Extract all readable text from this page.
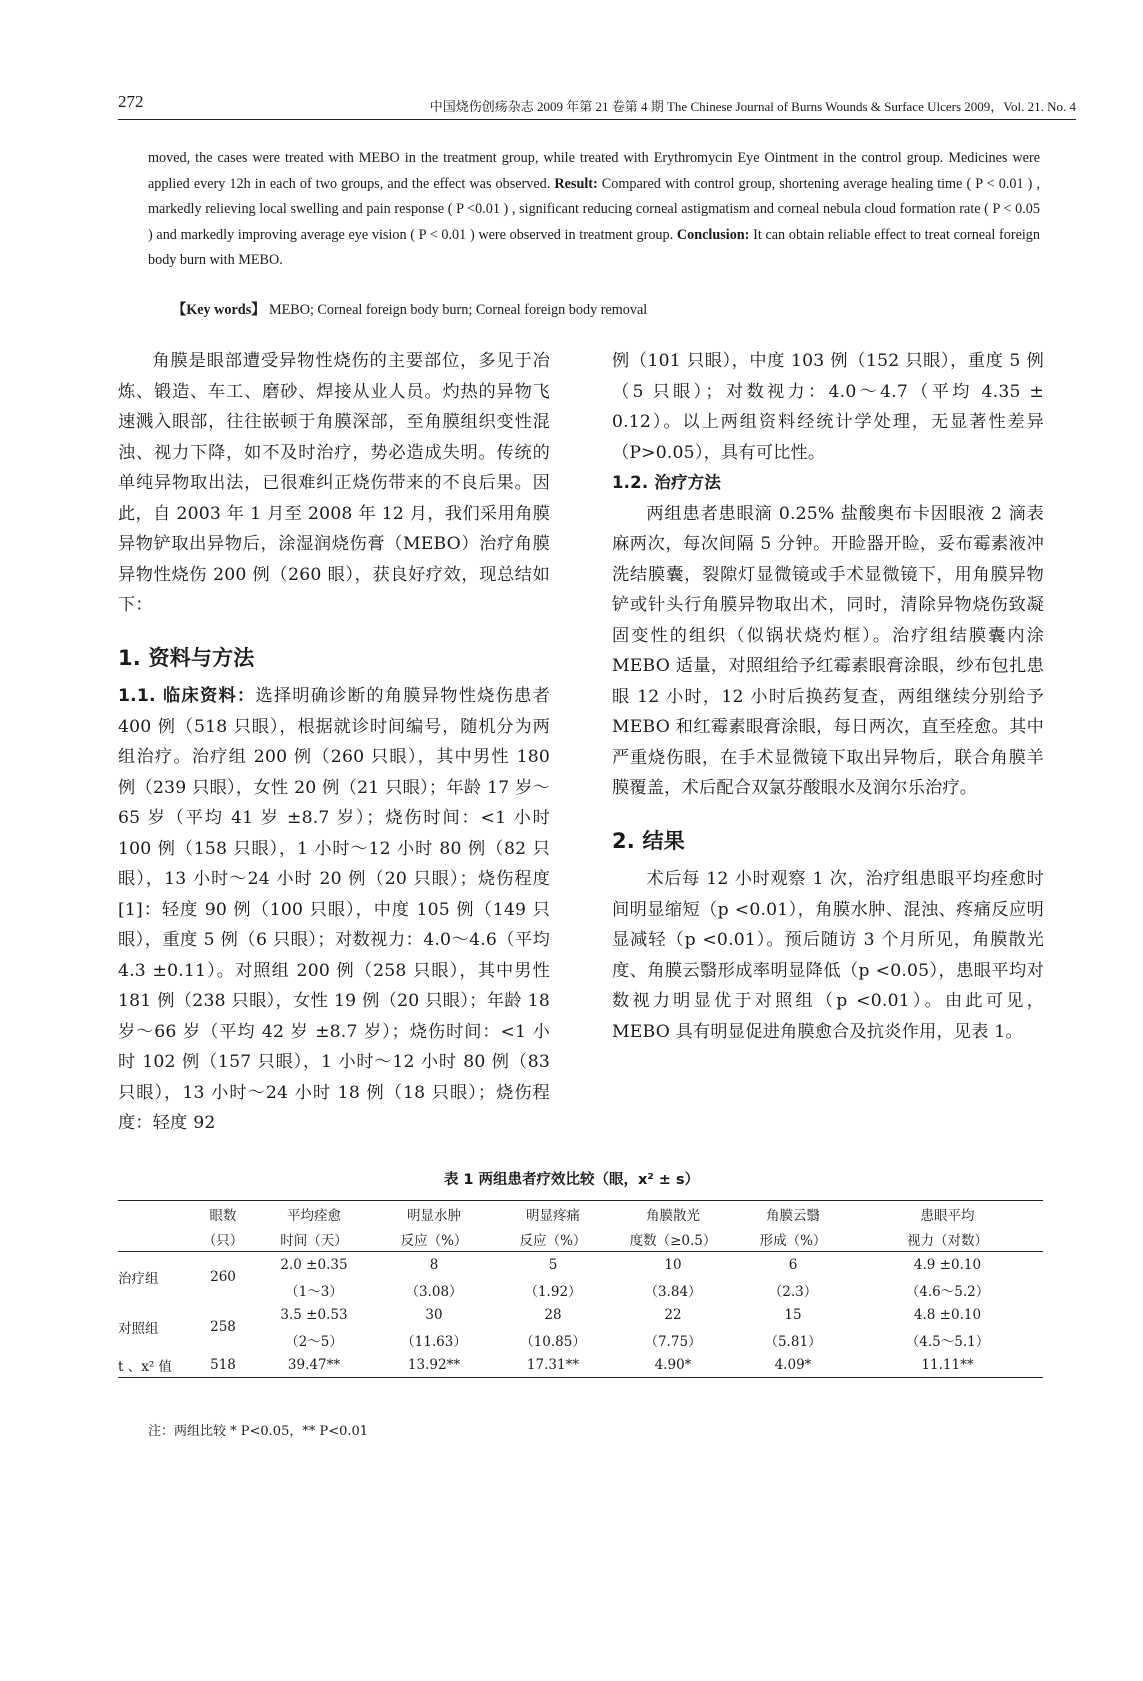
272	中国烧伤创疡杂志 2009 年第 21 卷第 4 期 The Chinese Journal of Burns Wounds & Surface Ulcers 2009，Vol. 21. No. 4
moved, the cases were treated with MEBO in the treatment group, while treated with Erythromycin Eye Ointment in the control group. Medicines were applied every 12h in each of two groups, and the effect was observed. Result: Compared with control group, shortening average healing time ( P < 0.01 ) , markedly relieving local swelling and pain response ( P <0.01 ) , significant reducing corneal astigmatism and corneal nebula cloud formation rate ( P < 0.05 ) and markedly improving average eye vision ( P < 0.01 ) were observed in treatment group. Conclusion: It can obtain reliable effect to treat corneal foreign body burn with MEBO.
【Key words】 MEBO; Corneal foreign body burn; Corneal foreign body removal

角膜是眼部遭受异物性烧伤的主要部位，多见于冶炼、锻造、车工、磨砂、焊接从业人员。灼热的异物飞速溅入眼部，往往嵌顿于角膜深部，至角膜组织变性混浊、视力下降，如不及时治疗，势必造成失明。传统的单纯异物取出法，已很难纠正烧伤带来的不良后果。因此，自 2003 年 1 月至 2008 年 12 月，我们采用角膜异物铲取出异物后，涂湿润烧伤膏（MEBO）治疗角膜异物性烧伤 200 例（260 眼），获良好疗效，现总结如下：

1. 资料与方法

1.1. 临床资料：选择明确诊断的角膜异物性烧伤患者 400 例（518 只眼），根据就诊时间编号，随机分为两组治疗。治疗组 200 例（260 只眼），其中男性 180 例（239 只眼），女性 20 例（21 只眼）；年龄 17 岁～65 岁（平均 41 岁 ±8.7 岁）；烧伤时间：<1 小时 100 例（158 只眼），1 小时～12 小时 80 例（82 只眼），13 小时～24 小时 20 例（20 只眼）；烧伤程度[1]：轻度 90 例（100 只眼），中度 105 例（149 只眼），重度 5 例（6 只眼）；对数视力：4.0～4.6（平均 4.3 ±0.11）。对照组 200 例（258 只眼），其中男性 181 例（238 只眼），女性 19 例（20 只眼）；年龄 18 岁～66 岁（平均 42 岁 ±8.7 岁）；烧伤时间：<1 小时 102 例（157 只眼），1 小时～12 小时 80 例（83 只眼），13 小时～24 小时 18 例（18 只眼）；烧伤程度：轻度 92

例（101 只眼），中度 103 例（152 只眼），重度 5 例（5 只眼）；对数视力：4.0～4.7（平均 4.35 ± 0.12）。以上两组资料经统计学处理，无显著性差异（P>0.05），具有可比性。

1.2. 治疗方法

两组患者患眼滴 0.25% 盐酸奥布卡因眼液 2 滴表麻两次，每次间隔 5 分钟。开睑器开睑，妥布霉素液冲洗结膜囊，裂隙灯显微镜或手术显微镜下，用角膜异物铲或针头行角膜异物取出术，同时，清除异物烧伤致凝固变性的组织（似锅状烧灼框）。治疗组结膜囊内涂 MEBO 适量，对照组给予红霉素眼膏涂眼，纱布包扎患眼 12 小时，12 小时后换药复查，两组继续分别给予 MEBO 和红霉素眼膏涂眼，每日两次，直至痊愈。其中严重烧伤眼，在手术显微镜下取出异物后，联合角膜羊膜覆盖，术后配合双氯芬酸眼水及润尔乐治疗。

2. 结果

术后每 12 小时观察 1 次，治疗组患眼平均痊愈时间明显缩短（p <0.01），角膜水肿、混浊、疼痛反应明显减轻（p <0.01）。预后随访 3 个月所见，角膜散光度、角膜云翳形成率明显降低（p <0.05），患眼平均对数视力明显优于对照组（p <0.01）。由此可见，MEBO 具有明显促进角膜愈合及抗炎作用，见表 1。

表 1 两组患者疗效比较（眼，x² ± s）
	眼数	平均痊愈	明显水肿	明显疼痛	角膜散光	角膜云翳	患眼平均
	（只）	时间（天）	反应（%）	反应（%）	度数（≥0.5）	形成（%）	视力（对数）
治疗组	260	2.0 ±0.35	8	5	10	6	4.9 ±0.10
		（1～3）	（3.08）	（1.92）	（3.84）	（2.3）	（4.6～5.2）
对照组	258	3.5 ±0.53	30	28	22	15	4.8 ±0.10
		（2～5）	（11.63）	（10.85）	（7.75）	（5.81）	（4.5～5.1）
t 、x² 值	518	39.47**	13.92**	17.31**	4.90*	4.09*	11.11**
注：两组比较 * P<0.05，** P<0.01
